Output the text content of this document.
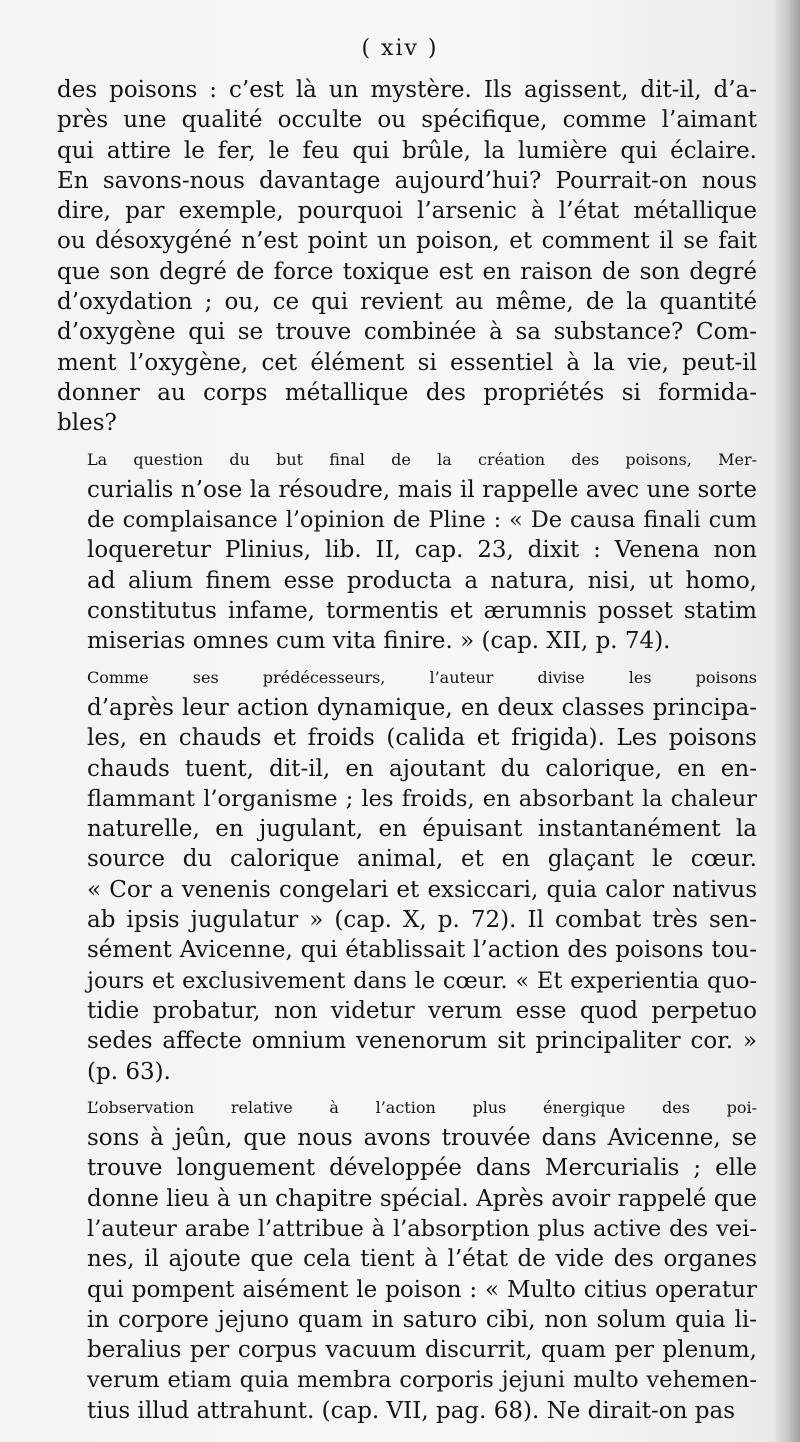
( xiv )
des poisons : c’est là un mystère. Ils agissent, dit-il, d’a-
près une qualité occulte ou spécifique, comme l’aimant
qui attire le fer, le feu qui brûle, la lumière qui éclaire.
En savons-nous davantage aujourd’hui? Pourrait-on nous
dire, par exemple, pourquoi l’arsenic à l’état métallique
ou désoxygéné n’est point un poison, et comment il se fait
que son degré de force toxique est en raison de son degré
d’oxydation ; ou, ce qui revient au même, de la quantité
d’oxygène qui se trouve combinée à sa substance? Com-
ment l’oxygène, cet élément si essentiel à la vie, peut-il
donner au corps métallique des propriétés si formida-
bles?
La question du but final de la création des poisons, Mer-
curialis n’ose la résoudre, mais il rappelle avec une sorte
de complaisance l’opinion de Pline : « De causa finali cum
loqueretur Plinius, lib. II, cap. 23, dixit : Venena non
ad alium finem esse producta a natura, nisi, ut homo,
constitutus infame, tormentis et ærumnis posset statim
miserias omnes cum vita finire. » (cap. XII, p. 74).
Comme ses prédécesseurs, l’auteur divise les poisons
d’après leur action dynamique, en deux classes principa-
les, en chauds et froids (calida et frigida). Les poisons
chauds tuent, dit-il, en ajoutant du calorique, en en-
flammant l’organisme ; les froids, en absorbant la chaleur
naturelle, en jugulant, en épuisant instantanément la
source du calorique animal, et en glaçant le cœur.
« Cor a venenis congelari et exsiccari, quia calor nativus
ab ipsis jugulatur » (cap. X, p. 72). Il combat très sen-
sément Avicenne, qui établissait l’action des poisons tou-
jours et exclusivement dans le cœur. « Et experientia quo-
tidie probatur, non videtur verum esse quod perpetuo
sedes affecte omnium venenorum sit principaliter cor. »
(p. 63).
L’observation relative à l’action plus énergique des poi-
sons à jeûn, que nous avons trouvée dans Avicenne, se
trouve longuement développée dans Mercurialis ; elle
donne lieu à un chapitre spécial. Après avoir rappelé que
l’auteur arabe l’attribue à l’absorption plus active des vei-
nes, il ajoute que cela tient à l’état de vide des organes
qui pompent aisément le poison : « Multo citius operatur
in corpore jejuno quam in saturo cibi, non solum quia li-
beralius per corpus vacuum discurrit, quam per plenum,
verum etiam quia membra corporis jejuni multo vehemen-
tius illud attrahunt. (cap. VII, pag. 68). Ne dirait-on pas
